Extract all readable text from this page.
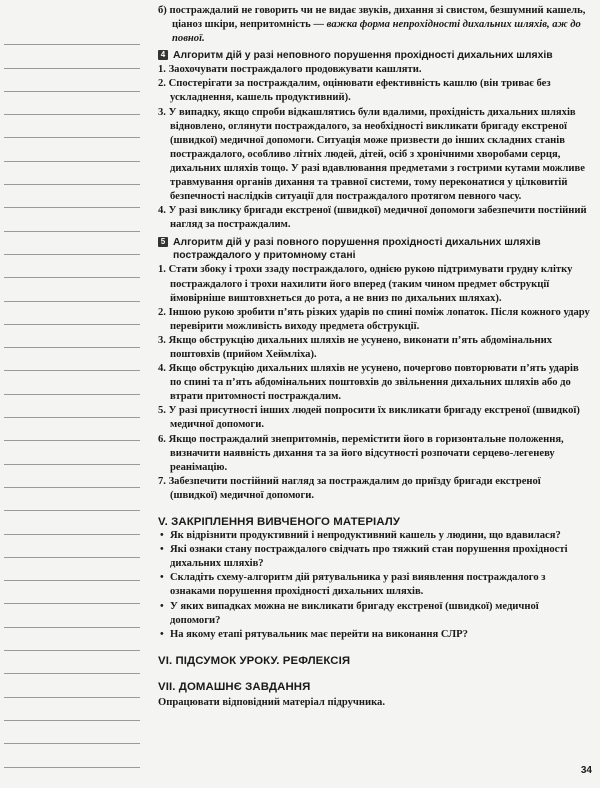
б) постраждалий не говорить чи не видає звуків, дихання зі свистом, безшумний кашель, ціаноз шкіри, непритомність — важка форма непрохідності дихальних шляхів, аж до повної.

4 Алгоритм дій у разі неповного порушення прохідності дихальних шляхів
1. Заохочувати постраждалого продовжувати кашляти.
2. Спостерігати за постраждалим, оцінювати ефективність кашлю (він триває без ускладнення, кашель продуктивний).
3. У випадку, якщо спроби відкашлятись були вдалими, прохідність дихальних шляхів відновлено, оглянути постраждалого, за необхідності викликати бригаду екстреної (швидкої) медичної допомоги. Ситуація може призвести до інших складних станів постраждалого, особливо літніх людей, дітей, осіб з хронічними хворобами серця, дихальних шляхів тощо. У разі вдавлювання предметами з гострими кутами можливе травмування органів дихання та травної системи, тому переконатися у цілковитій безпечності наслідків ситуації для постраждалого протягом певного часу.
4. У разі виклику бригади екстреної (швидкої) медичної допомоги забезпечити постійний нагляд за постраждалим.
5 Алгоритм дій у разі повного порушення прохідності дихальних шляхів постраждалого у притомному стані
1. Стати збоку і трохи ззаду постраждалого, однією рукою підтримувати грудну клітку постраждалого і трохи нахилити його вперед (таким чином предмет обструкції ймовірніше виштовхнеться до рота, а не вниз по дихальних шляхах).
2. Іншою рукою зробити п’ять різких ударів по спині поміж лопаток. Після кожного удару перевірити можливість виходу предмета обструкції.
3. Якщо обструкцію дихальних шляхів не усунено, виконати п’ять абдомінальних поштовхів (прийом Хеймліха).
4. Якщо обструкцію дихальних шляхів не усунено, почергово повторювати п’ять ударів по спині та п’ять абдомінальних поштовхів до звільнення дихальних шляхів або до втрати притомності постраждалим.
5. У разі присутності інших людей попросити їх викликати бригаду екстреної (швидкої) медичної допомоги.
6. Якщо постраждалий знепритомнів, перемістити його в горизонтальне положення, визначити наявність дихання та за його відсутності розпочати серцево-легеневу реанімацію.
7. Забезпечити постійний нагляд за постраждалим до приїзду бригади екстреної (швидкої) медичної допомоги.
V. ЗАКРІПЛЕННЯ ВИВЧЕНОГО МАТЕРІАЛУ
• Як відрізнити продуктивний і непродуктивний кашель у людини, що вдавилася?
• Які ознаки стану постраждалого свідчать про тяжкий стан порушення прохідності дихальних шляхів?
• Складіть схему-алгоритм дій рятувальника у разі виявлення постраждалого з ознаками порушення прохідності дихальних шляхів.
• У яких випадках можна не викликати бригаду екстреної (швидкої) медичної допомоги?
• На якому етапі рятувальник має перейти на виконання СЛР?
VI. ПІДСУМОК УРОКУ. РЕФЛЕКСІЯ
VII. ДОМАШНЄ ЗАВДАННЯ

Опрацювати відповідний матеріал підручника.

34
